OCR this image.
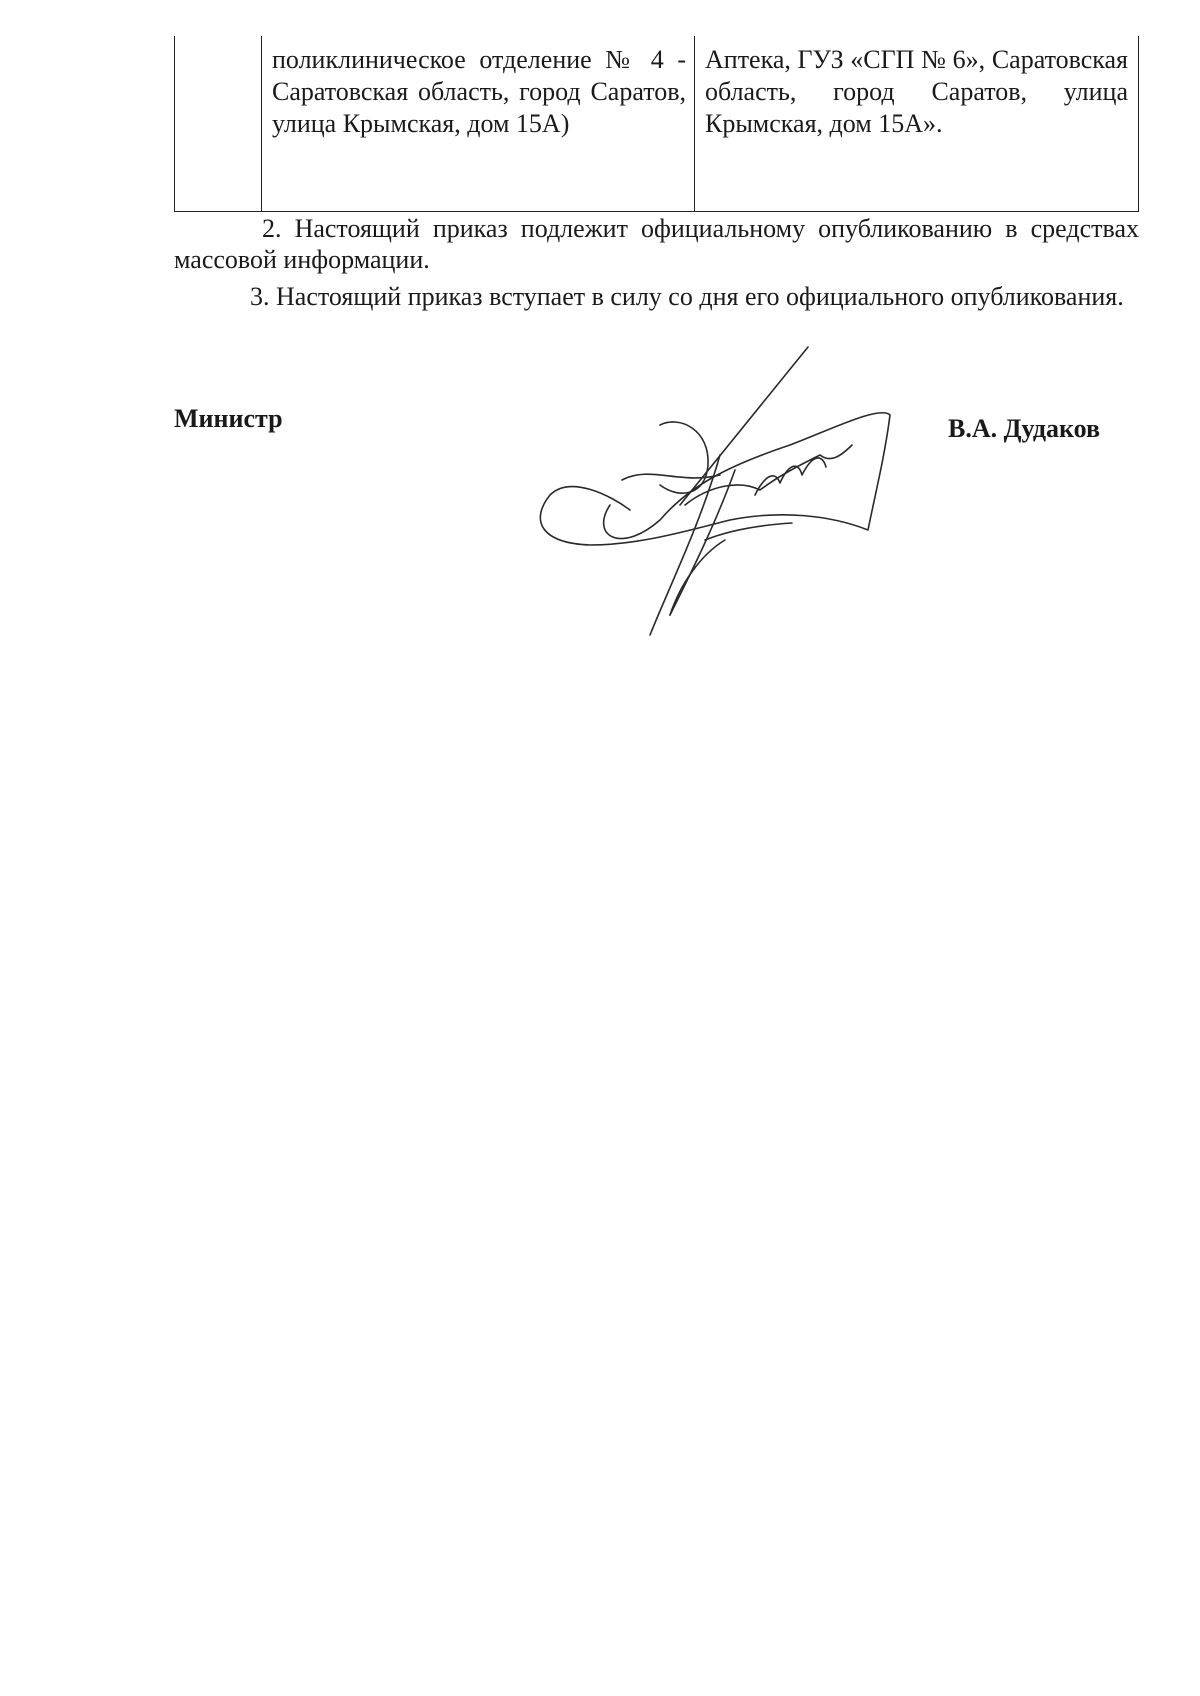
поликлиническое отделение № 4 - Саратовская область, город Саратов, улица Крымская, дом 15А)

Аптека, ГУЗ «СГП № 6», Саратовская область, город Саратов, улица Крымская, дом 15А».

2. Настоящий приказ подлежит официальному опубликованию в средствах массовой информации.

3. Настоящий приказ вступает в силу со дня его официального опубликования.

Министр	В.А. Дудаков
